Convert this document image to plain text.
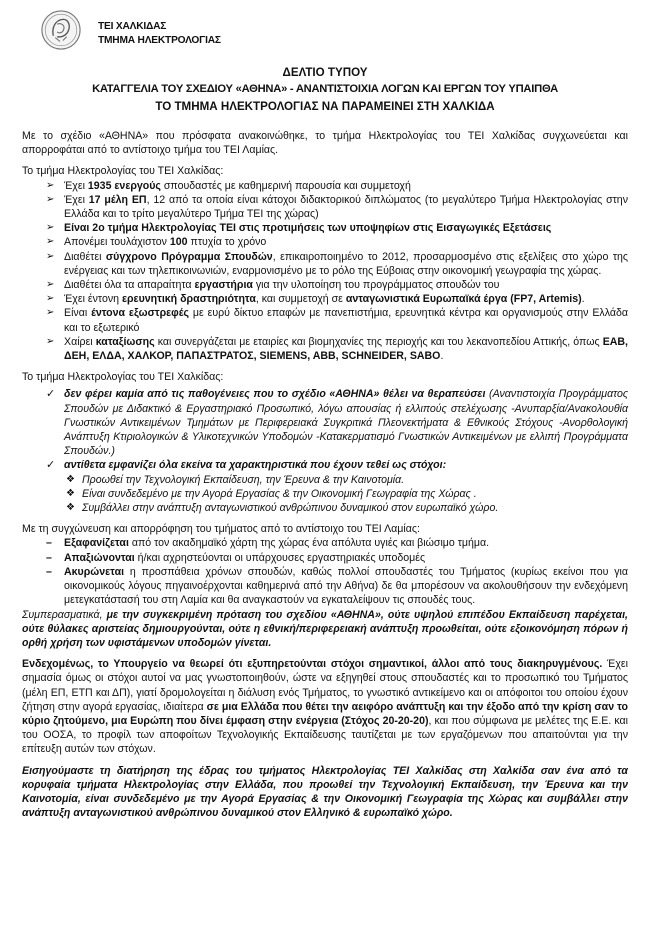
ΤΕΙ ΧΑΛΚΙΔΑΣ
ΤΜΗΜΑ ΗΛΕΚΤΡΟΛΟΓΙΑΣ
ΔΕΛΤΙΟ ΤΥΠΟΥ
ΚΑΤΑΓΓΕΛΙΑ ΤΟΥ ΣΧΕΔΙΟΥ «ΑΘΗΝΑ» - ΑΝΑΝΤΙΣΤΟΙΧΙΑ ΛΟΓΩΝ ΚΑΙ ΕΡΓΩΝ ΤΟΥ ΥΠΑΙΠΘΑ
ΤΟ ΤΜΗΜΑ ΗΛΕΚΤΡΟΛΟΓΙΑΣ ΝΑ ΠΑΡΑΜΕΙΝΕΙ ΣΤΗ ΧΑΛΚΙΔΑ

Με το σχέδιο «ΑΘΗΝΑ» που πρόσφατα ανακοινώθηκε, το τμήμα Ηλεκτρολογίας του ΤΕΙ Χαλκίδας συγχωνεύεται και απορροφάται από το αντίστοιχο τμήμα του ΤΕΙ Λαμίας.

Το τμήμα Ηλεκτρολογίας του ΤΕΙ Χαλκίδας:

➢ Έχει 1935 ενεργούς σπουδαστές με καθημερινή παρουσία και συμμετοχή
➢ Έχει 17 μέλη ΕΠ, 12 από τα οποία είναι κάτοχοι διδακτορικού διπλώματος (το μεγαλύτερο Τμήμα Ηλεκτρολογίας στην Ελλάδα και το τρίτο μεγαλύτερο Τμήμα ΤΕΙ της χώρας)
➢ Είναι 2ο τμήμα Ηλεκτρολογίας ΤΕΙ στις προτιμήσεις των υποψηφίων στις Εισαγωγικές Εξετάσεις
➢ Απονέμει τουλάχιστον 100 πτυχία το χρόνο
➢ Διαθέτει σύγχρονο Πρόγραμμα Σπουδών, επικαιροποιημένο το 2012, προσαρμοσμένο στις εξελίξεις στο χώρο της ενέργειας και των τηλεπικοινωνιών, εναρμονισμένο με το ρόλο της Εύβοιας στην οικονομική γεωγραφία της χώρας.
➢ Διαθέτει όλα τα απαραίτητα εργαστήρια για την υλοποίηση του προγράμματος σπουδών του
➢ Έχει έντονη ερευνητική δραστηριότητα, και συμμετοχή σε ανταγωνιστικά Ευρωπαϊκά έργα (FP7, Artemis).
➢ Είναι έντονα εξωστρεφές με ευρύ δίκτυο επαφών με πανεπιστήμια, ερευνητικά κέντρα και οργανισμούς στην Ελλάδα και το εξωτερικό
➢ Χαίρει καταξίωσης και συνεργάζεται με εταιρίες και βιομηχανίες της περιοχής και του λεκανοπεδίου Αττικής, όπως ΕΑΒ, ΔΕΗ, ΕΛΔΑ, ΧΑΛΚΟΡ, ΠΑΠΑΣΤΡΑΤΟΣ, SIEMENS, ABB, SCHNEIDER, SABO.

Το τμήμα Ηλεκτρολογίας του ΤΕΙ Χαλκίδας:

✓ δεν φέρει καμία από τις παθογένειες που το σχέδιο «ΑΘΗΝΑ» θέλει να θεραπεύσει (Αναντιστοιχία Προγράμματος Σπουδών με Διδακτικό & Εργαστηριακό Προσωπικό, λόγω απουσίας ή ελλιπούς στελέχωσης -Ανυπαρξία/Ανακολουθία Γνωστικών Αντικειμένων Τμημάτων με Περιφερειακά Συγκριτικά Πλεονεκτήματα & Εθνικούς Στόχους -Ανορθολογική Ανάπτυξη Κτιριολογικών & Υλικοτεχνικών Υποδομών -Κατακερματισμό Γνωστικών Αντικειμένων με ελλιπή Προγράμματα Σπουδών.)
✓ αντίθετα εμφανίζει όλα εκείνα τα χαρακτηριστικά που έχουν τεθεί ως στόχοι:
❖ Προωθεί την Τεχνολογική Εκπαίδευση, την Έρευνα & την Καινοτομία.
❖ Είναι συνδεδεμένο με την Αγορά Εργασίας & την Οικονομική Γεωγραφία της Χώρας .
❖ Συμβάλλει στην ανάπτυξη ανταγωνιστικού ανθρώπινου δυναμικού στον ευρωπαϊκό χώρο.

Με τη συγχώνευση και απορρόφηση του τμήματος από το αντίστοιχο του ΤΕΙ Λαμίας:

– Εξαφανίζεται από τον ακαδημαϊκό χάρτη της χώρας ένα απόλυτα υγιές και βιώσιμο τμήμα.
– Απαξιώνονται ή/και αχρηστεύονται οι υπάρχουσες εργαστηριακές υποδομές
– Ακυρώνεται η προσπάθεια χρόνων σπουδών, καθώς πολλοί σπουδαστές του Τμήματος (κυρίως εκείνοι που για οικονομικούς λόγους πηγαινοέρχονται καθημερινά από την Αθήνα) δε θα μπορέσουν να ακολουθήσουν την ενδεχόμενη μετεγκατάστασή του στη Λαμία και θα αναγκαστούν να εγκαταλείψουν τις σπουδές τους.

Συμπερασματικά, με την συγκεκριμένη πρόταση του σχεδίου «ΑΘΗΝΑ», ούτε υψηλού επιπέδου Εκπαίδευση παρέχεται, ούτε θύλακες αριστείας δημιουργούνται, ούτε η εθνική/περιφερειακή ανάπτυξη προωθείται, ούτε εξοικονόμηση πόρων ή ορθή χρήση των υφιστάμενων υποδομών γίνεται.

Ενδεχομένως, το Υπουργείο να θεωρεί ότι εξυπηρετούνται στόχοι σημαντικοί, άλλοι από τους διακηρυγμένους. Έχει σημασία όμως οι στόχοι αυτοί να μας γνωστοποιηθούν, ώστε να εξηγηθεί στους σπουδαστές και το προσωπικό του Τμήματος (μέλη ΕΠ, ΕΤΠ και ΔΠ), γιατί δρομολογείται η διάλυση ενός Τμήματος, το γνωστικό αντικείμενο και οι απόφοιτοι του οποίου έχουν ζήτηση στην αγορά εργασίας, ιδιαίτερα σε μια Ελλάδα που θέτει την αειφόρο ανάπτυξη και την έξοδο από την κρίση σαν το κύριο ζητούμενο, μια Ευρώπη που δίνει έμφαση στην ενέργεια (Στόχος 20-20-20), και που σύμφωνα με μελέτες της Ε.Ε. και του ΟΟΣΑ, το προφίλ των αποφοίτων Τεχνολογικής Εκπαίδευσης ταυτίζεται με των εργαζόμενων που απαιτούνται για την επίτευξη αυτών των στόχων.

Εισηγούμαστε τη διατήρηση της έδρας του τμήματος Ηλεκτρολογίας ΤΕΙ Χαλκίδας στη Χαλκίδα σαν ένα από τα κορυφαία τμήματα Ηλεκτρολογίας στην Ελλάδα, που προωθεί την Τεχνολογική Εκπαίδευση, την Έρευνα και την Καινοτομία, είναι συνδεδεμένο με την Αγορά Εργασίας & την Οικονομική Γεωγραφία της Χώρας και συμβάλλει στην ανάπτυξη ανταγωνιστικού ανθρώπινου δυναμικού στον Ελληνικό & ευρωπαϊκό χώρο.
